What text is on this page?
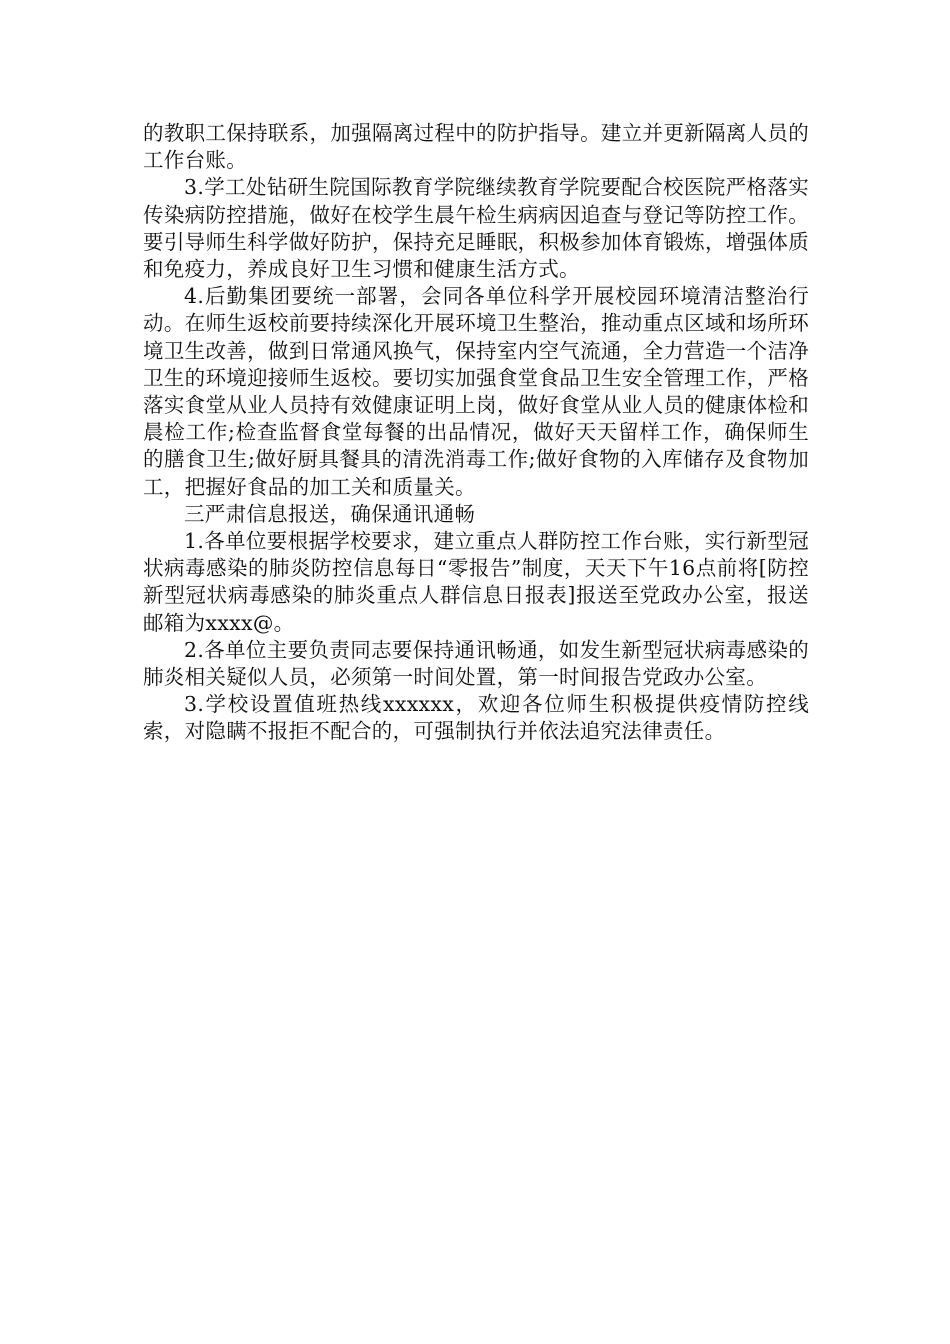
的教职工保持联系，加强隔离过程中的防护指导。建立并更新隔离人员的工作台账。

3.学工处钻研生院国际教育学院继续教育学院要配合校医院严格落实传染病防控措施，做好在校学生晨午检生病病因追查与登记等防控工作。要引导师生科学做好防护，保持充足睡眠，积极参加体育锻炼，增强体质和免疫力，养成良好卫生习惯和健康生活方式。

4.后勤集团要统一部署，会同各单位科学开展校园环境清洁整治行动。在师生返校前要持续深化开展环境卫生整治，推动重点区域和场所环境卫生改善，做到日常通风换气，保持室内空气流通，全力营造一个洁净卫生的环境迎接师生返校。要切实加强食堂食品卫生安全管理工作，严格落实食堂从业人员持有效健康证明上岗，做好食堂从业人员的健康体检和晨检工作;检查监督食堂每餐的出品情况，做好天天留样工作，确保师生的膳食卫生;做好厨具餐具的清洗消毒工作;做好食物的入库储存及食物加工，把握好食品的加工关和质量关。

三严肃信息报送，确保通讯通畅

1.各单位要根据学校要求，建立重点人群防控工作台账，实行新型冠状病毒感染的肺炎防控信息每日“零报告”制度，天天下午16点前将[防控新型冠状病毒感染的肺炎重点人群信息日报表]报送至党政办公室，报送邮箱为xxxx@。

2.各单位主要负责同志要保持通讯畅通，如发生新型冠状病毒感染的肺炎相关疑似人员，必须第一时间处置，第一时间报告党政办公室。

3.学校设置值班热线xxxxxx，欢迎各位师生积极提供疫情防控线索，对隐瞒不报拒不配合的，可强制执行并依法追究法律责任。
